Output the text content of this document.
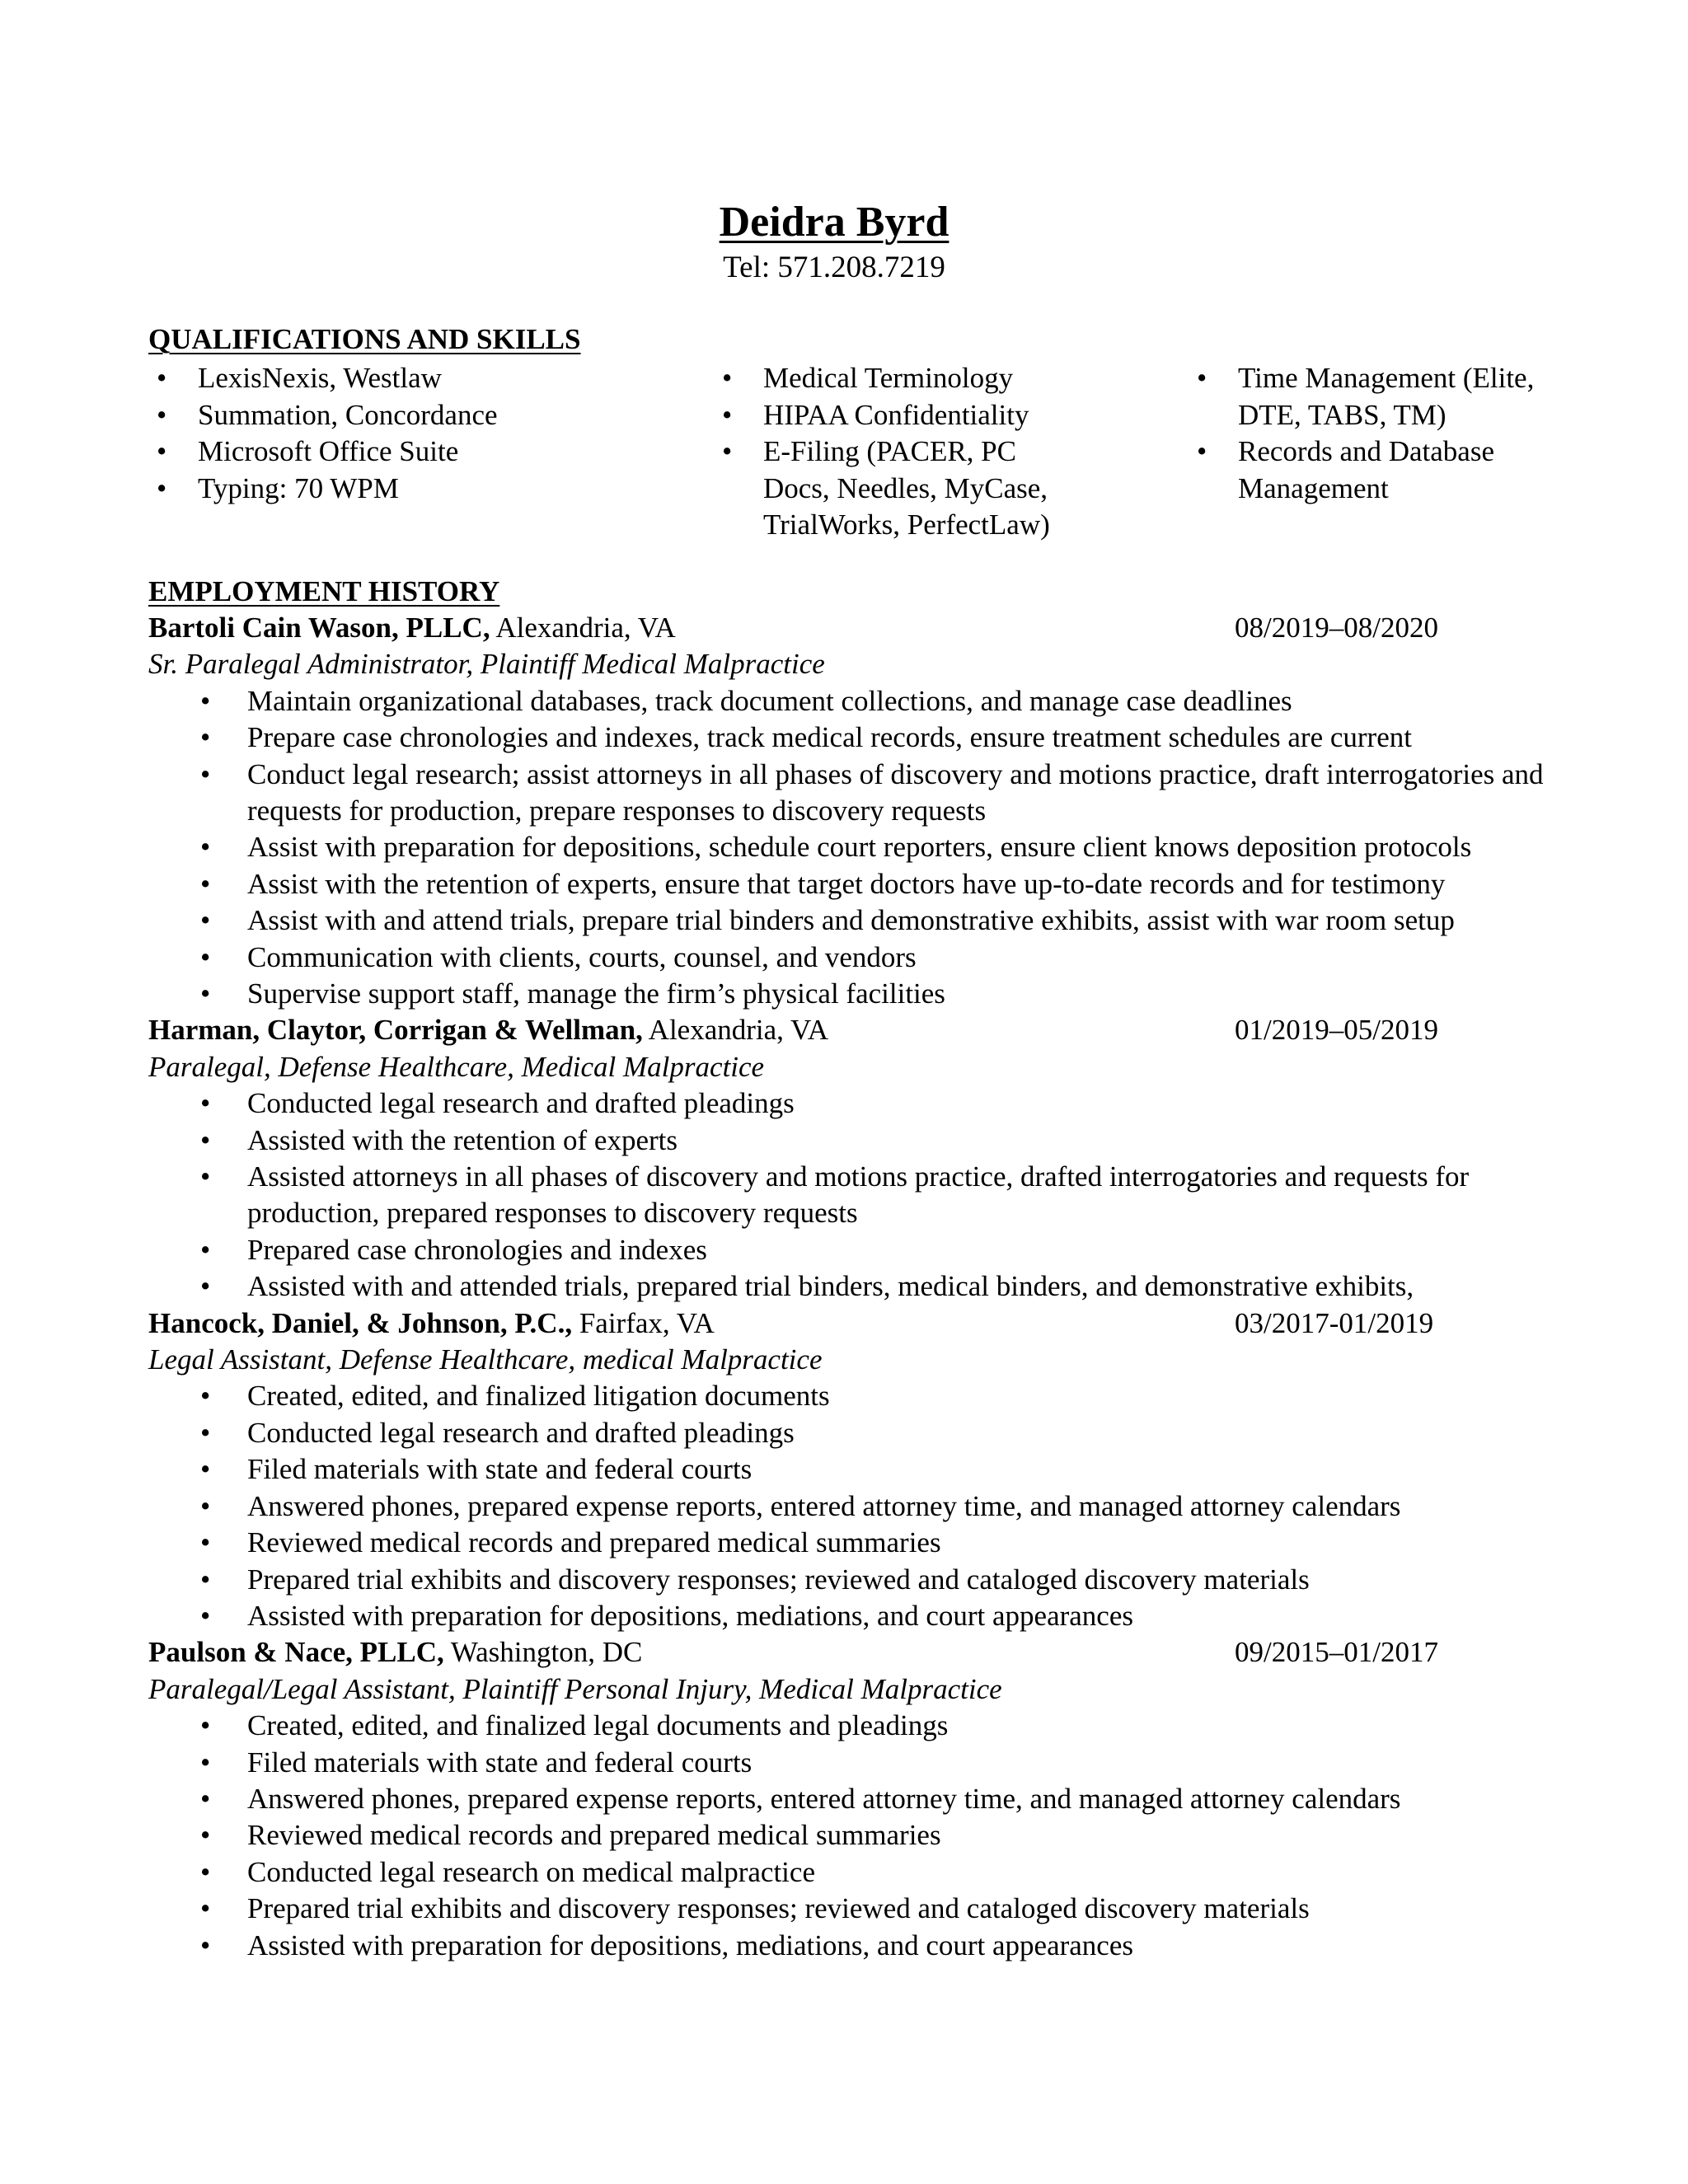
Deidra Byrd
Tel: 571.208.7219
QUALIFICATIONS AND SKILLS
• LexisNexis, Westlaw
• Summation, Concordance
• Microsoft Office Suite
• Typing: 70 WPM
• Medical Terminology
• HIPAA Confidentiality
• E-Filing (PACER, PC Docs, Needles, MyCase, TrialWorks, PerfectLaw)
• Time Management (Elite, DTE, TABS, TM)
• Records and Database Management
EMPLOYMENT HISTORY
Bartoli Cain Wason, PLLC, Alexandria, VA	08/2019–08/2020
Sr. Paralegal Administrator, Plaintiff Medical Malpractice
• Maintain organizational databases, track document collections, and manage case deadlines
• Prepare case chronologies and indexes, track medical records, ensure treatment schedules are current
• Conduct legal research; assist attorneys in all phases of discovery and motions practice, draft interrogatories and requests for production, prepare responses to discovery requests
• Assist with preparation for depositions, schedule court reporters, ensure client knows deposition protocols
• Assist with the retention of experts, ensure that target doctors have up-to-date records and for testimony
• Assist with and attend trials, prepare trial binders and demonstrative exhibits, assist with war room setup
• Communication with clients, courts, counsel, and vendors
• Supervise support staff, manage the firm’s physical facilities
Harman, Claytor, Corrigan & Wellman, Alexandria, VA	01/2019–05/2019
Paralegal, Defense Healthcare, Medical Malpractice
• Conducted legal research and drafted pleadings
• Assisted with the retention of experts
• Assisted attorneys in all phases of discovery and motions practice, drafted interrogatories and requests for production, prepared responses to discovery requests
• Prepared case chronologies and indexes
• Assisted with and attended trials, prepared trial binders, medical binders, and demonstrative exhibits,
Hancock, Daniel, & Johnson, P.C., Fairfax, VA	03/2017-01/2019
Legal Assistant, Defense Healthcare, medical Malpractice
• Created, edited, and finalized litigation documents
• Conducted legal research and drafted pleadings
• Filed materials with state and federal courts
• Answered phones, prepared expense reports, entered attorney time, and managed attorney calendars
• Reviewed medical records and prepared medical summaries
• Prepared trial exhibits and discovery responses; reviewed and cataloged discovery materials
• Assisted with preparation for depositions, mediations, and court appearances
Paulson & Nace, PLLC, Washington, DC	09/2015–01/2017
Paralegal/Legal Assistant, Plaintiff Personal Injury, Medical Malpractice
• Created, edited, and finalized legal documents and pleadings
• Filed materials with state and federal courts
• Answered phones, prepared expense reports, entered attorney time, and managed attorney calendars
• Reviewed medical records and prepared medical summaries
• Conducted legal research on medical malpractice
• Prepared trial exhibits and discovery responses; reviewed and cataloged discovery materials
• Assisted with preparation for depositions, mediations, and court appearances
